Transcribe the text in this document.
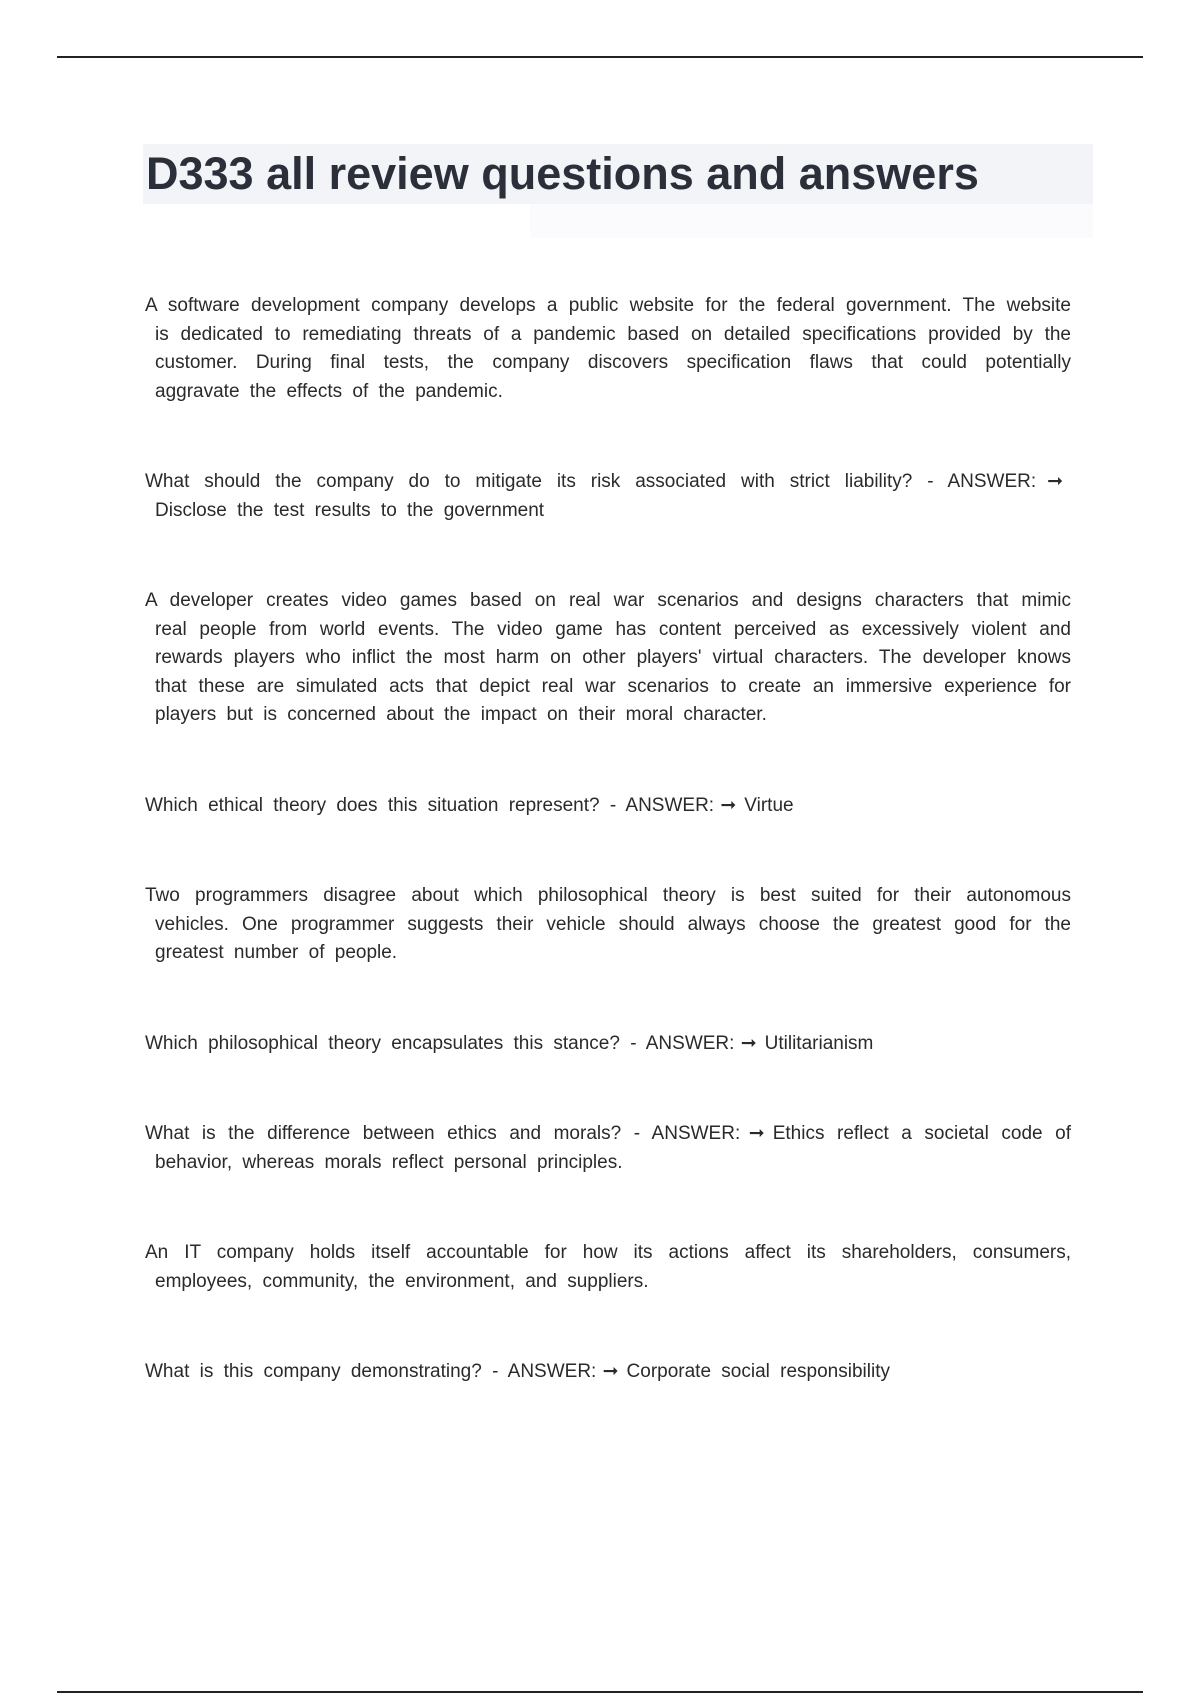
D333 all review questions and answers

A software development company develops a public website for the federal government. The website is dedicated to remediating threats of a pandemic based on detailed specifications provided by the customer. During final tests, the company discovers specification flaws that could potentially aggravate the effects of the pandemic.

What should the company do to mitigate its risk associated with strict liability? - ANSWER: ➞Disclose the test results to the government

A developer creates video games based on real war scenarios and designs characters that mimic real people from world events. The video game has content perceived as excessively violent and rewards players who inflict the most harm on other players' virtual characters. The developer knows that these are simulated acts that depict real war scenarios to create an immersive experience for players but is concerned about the impact on their moral character.

Which ethical theory does this situation represent? - ANSWER: ➞ Virtue

Two programmers disagree about which philosophical theory is best suited for their autonomous vehicles. One programmer suggests their vehicle should always choose the greatest good for the greatest number of people.

Which philosophical theory encapsulates this stance? - ANSWER: ➞ Utilitarianism

What is the difference between ethics and morals? - ANSWER: ➞ Ethics reflect a societal code of behavior, whereas morals reflect personal principles.

An IT company holds itself accountable for how its actions affect its shareholders, consumers, employees, community, the environment, and suppliers.

What is this company demonstrating? - ANSWER: ➞ Corporate social responsibility
